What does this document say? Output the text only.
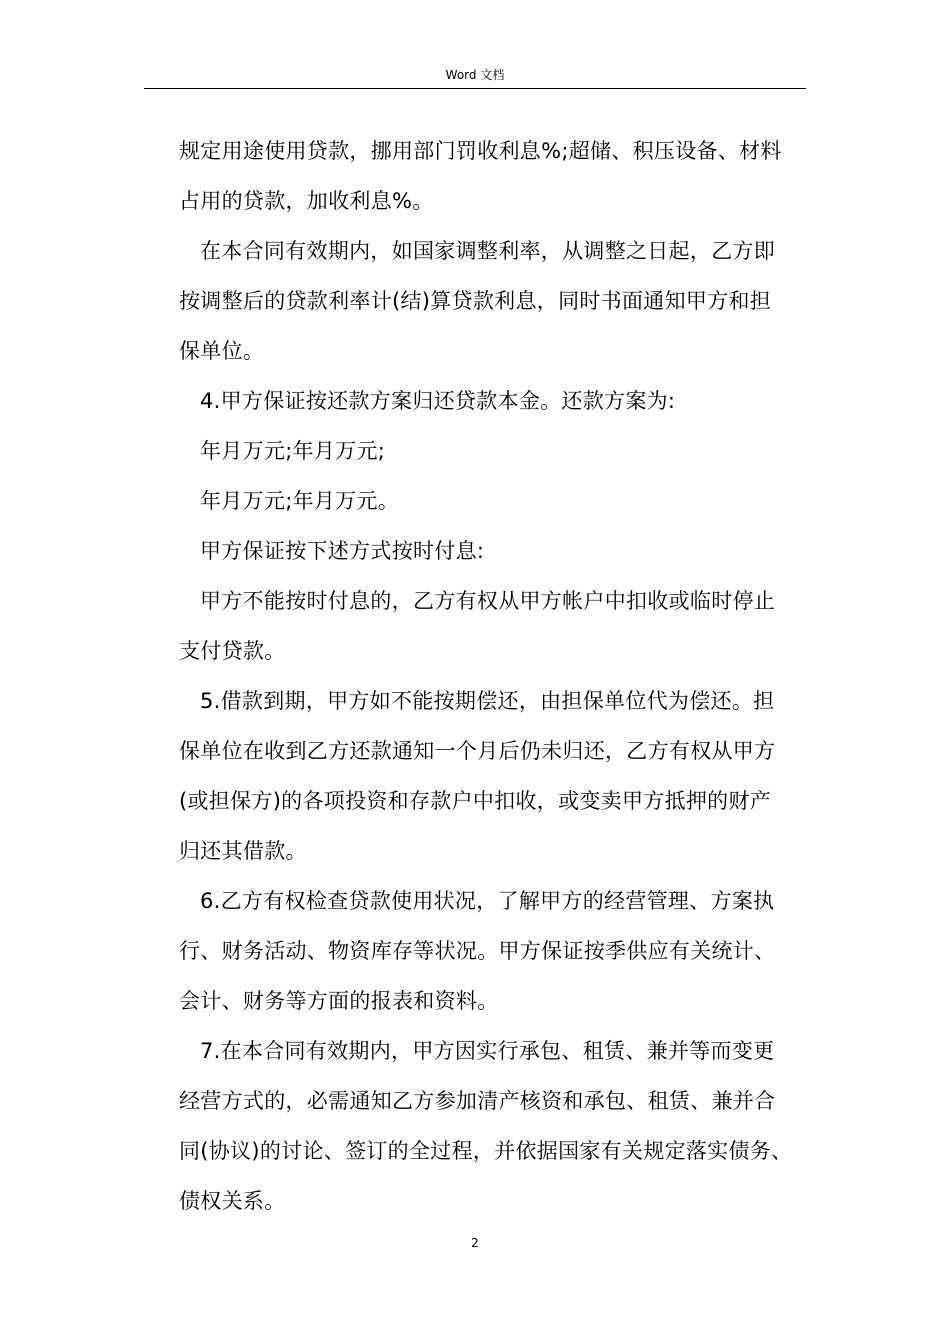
Word 文档

规定用途使用贷款，挪用部门罚收利息%;超储、积压设备、材料

占用的贷款，加收利息%。

在本合同有效期内，如国家调整利率，从调整之日起，乙方即

按调整后的贷款利率计(结)算贷款利息，同时书面通知甲方和担

保单位。

4.甲方保证按还款方案归还贷款本金。还款方案为:

年月万元;年月万元;

年月万元;年月万元。

甲方保证按下述方式按时付息:

甲方不能按时付息的，乙方有权从甲方帐户中扣收或临时停止

支付贷款。

5.借款到期，甲方如不能按期偿还，由担保单位代为偿还。担

保单位在收到乙方还款通知一个月后仍未归还，乙方有权从甲方

(或担保方)的各项投资和存款户中扣收，或变卖甲方抵押的财产

归还其借款。

6.乙方有权检查贷款使用状况，了解甲方的经营管理、方案执

行、财务活动、物资库存等状况。甲方保证按季供应有关统计、

会计、财务等方面的报表和资料。

7.在本合同有效期内，甲方因实行承包、租赁、兼并等而变更

经营方式的，必需通知乙方参加清产核资和承包、租赁、兼并合

同(协议)的讨论、签订的全过程，并依据国家有关规定落实债务、

债权关系。

2
